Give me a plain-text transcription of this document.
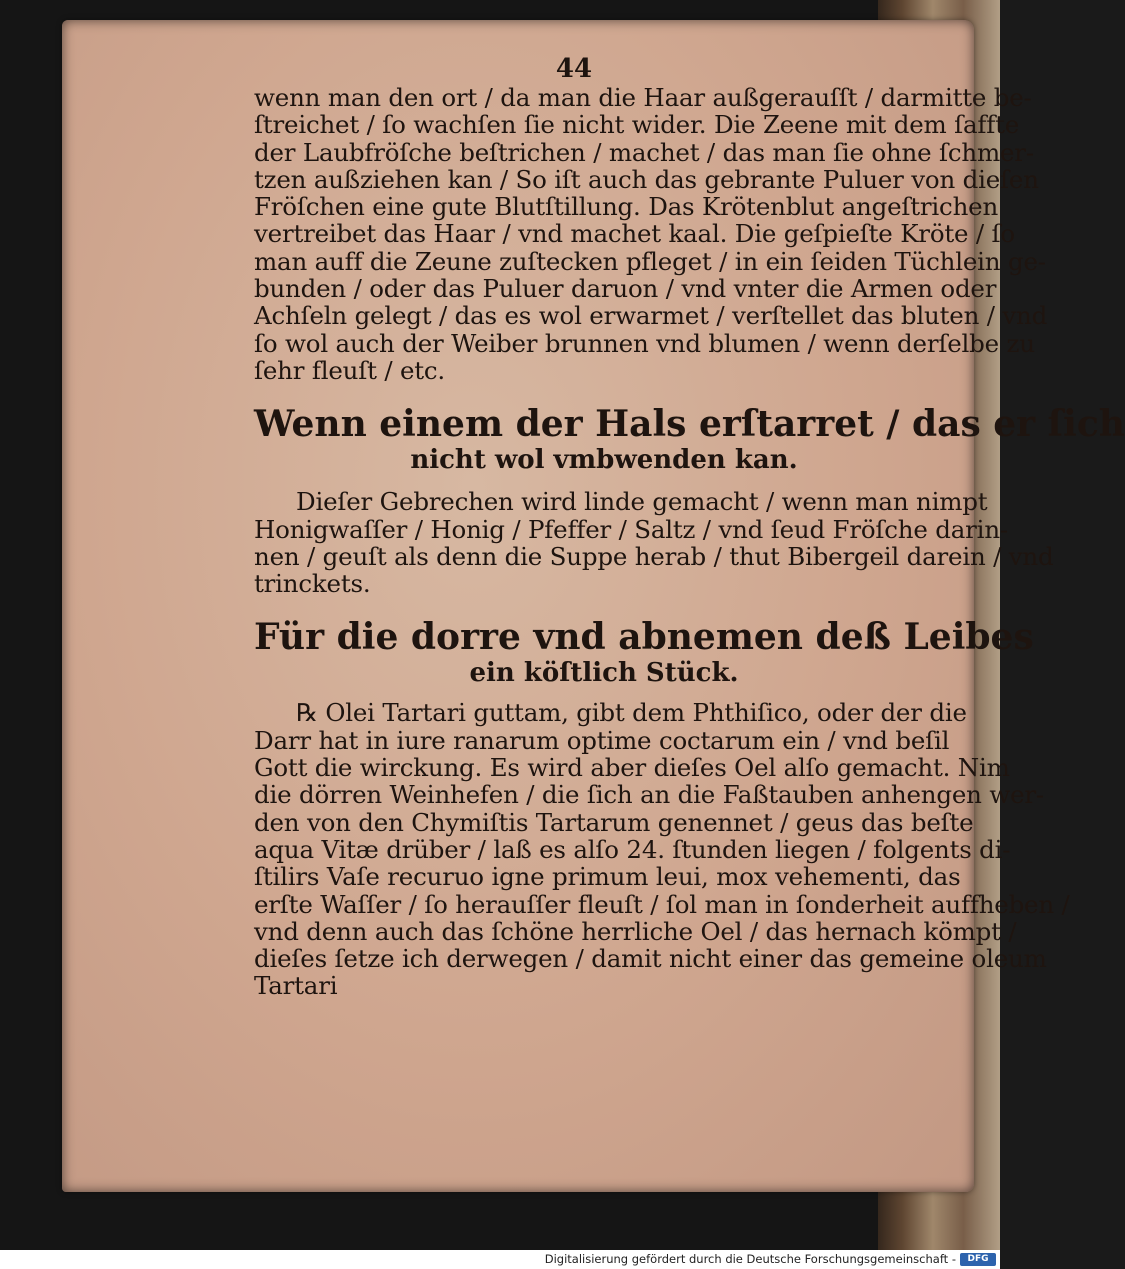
44
wenn man den ort / da man die Haar außgerauſſt / darmitte be-
ſtreichet / ſo wachſen ſie nicht wider. Die Zeene mit dem ſaffte
der Laubfröſche beſtrichen / machet / das man ſie ohne ſchmer-
tzen außziehen kan / So iſt auch das gebrante Puluer von dieſen
Fröſchen eine gute Blutſtillung. Das Krötenblut angeſtrichen
vertreibet das Haar / vnd machet kaal. Die geſpieſte Kröte / ſo
man auff die Zeune zuſtecken pfleget / in ein ſeiden Tüchlein ge-
bunden / oder das Puluer daruon / vnd vnter die Armen oder
Achſeln gelegt / das es wol erwarmet / verſtellet das bluten / vnd
ſo wol auch der Weiber brunnen vnd blumen / wenn derſelbe zu
ſehr fleuſt / etc.
Wenn einem der Hals erſtarret / das er ſich
nicht wol vmbwenden kan.
Dieſer Gebrechen wird linde gemacht / wenn man nimpt
Honigwaſſer / Honig / Pfeffer / Saltz / vnd ſeud Fröſche darin-
nen / geuſt als denn die Suppe herab / thut Bibergeil darein / vnd
trinckets.
Für die dorre vnd abnemen deß Leibes
ein köſtlich Stück.
℞ Olei Tartari guttam, gibt dem Phthiſico, oder der die
Darr hat in iure ranarum optime coctarum ein / vnd beſil
Gott die wirckung. Es wird aber dieſes Oel alſo gemacht. Nim
die dörren Weinhefen / die ſich an die Faßtauben anhengen wer-
den von den Chymiſtis Tartarum genennet / geus das beſte
aqua Vitæ drüber / laß es alſo 24. ſtunden liegen / folgents di-
ſtilirs Vaſe recuruo igne primum leui, mox vehementi, das
erſte Waſſer / ſo herauſſer fleuſt / ſol man in ſonderheit auffheben /
vnd denn auch das ſchöne herrliche Oel / das hernach kömpt /
dieſes ſetze ich derwegen / damit nicht einer das gemeine oleum
Tartari
Digitalisierung gefördert durch die Deutsche Forschungsgemeinschaft -	DFG
